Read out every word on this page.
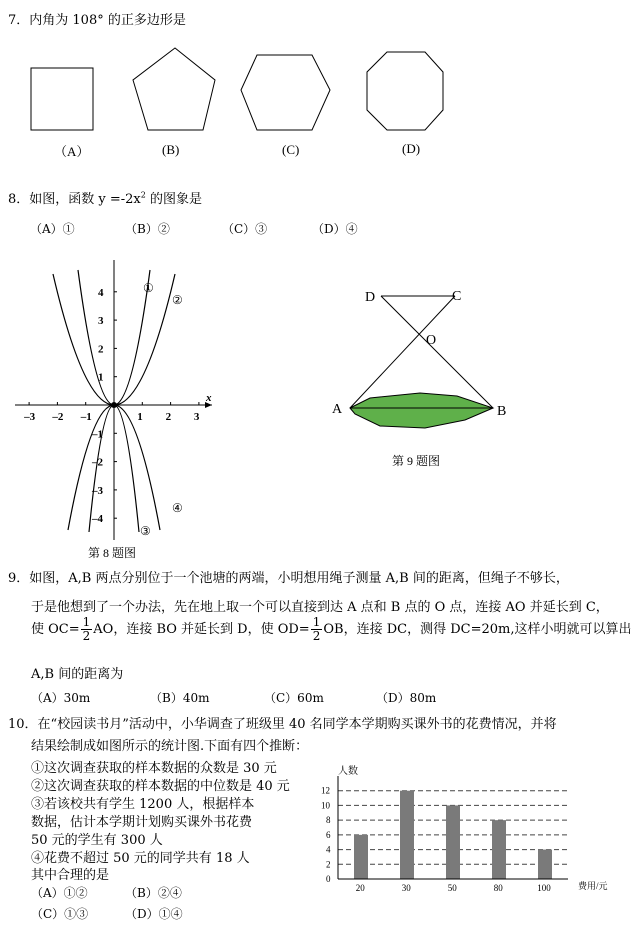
7．内角为 108° 的正多边形是
（A）	(B)	(C)	(D)
8．如图，函数 $y =-2x^2$ 的图象是
（A）①	（B）②	（C）③	（D）④
x
–3 –2 –1	1 2 3
4
3
2
1
–1
–2
–3
–4
①
②
③
④
第 8 题图
D	C
O
A	B
第 9 题图
9．如图，A,B 两点分别位于一个池塘的两端，小明想用绳子测量 A,B 间的距离，但绳子不够长，
于是他想到了一个办法，先在地上取一个可以直接到达 A 点和 B 点的 O 点，连接 AO 并延长到 C，
使 $OC= \frac{1}{2}$ AO，连接 BO 并延长到 D，使 $OD= \frac{1}{2}$ OB，连接 DC，测得 DC=20m,这样小明就可以算出
A,B 间的距离为
（A）30m	（B）40m	（C）60m	（D）80m
10．在“校园读书月”活动中，小华调查了班级里 40 名同学本学期购买课外书的花费情况，并将
结果绘制成如图所示的统计图.下面有四个推断：
①这次调查获取的样本数据的众数是 30 元
②这次调查获取的样本数据的中位数是 40 元
③若该校共有学生 1200 人，根据样本
数据，估计本学期计划购买课外书花费
50 元的学生有 300 人
④花费不超过 50 元的同学共有 18 人
其中合理的是
（A）①②	（B）②④
（C）①③	（D）①④
人数
费用/元
0
2
4
6
8
10
12
20	30	50	80	100
